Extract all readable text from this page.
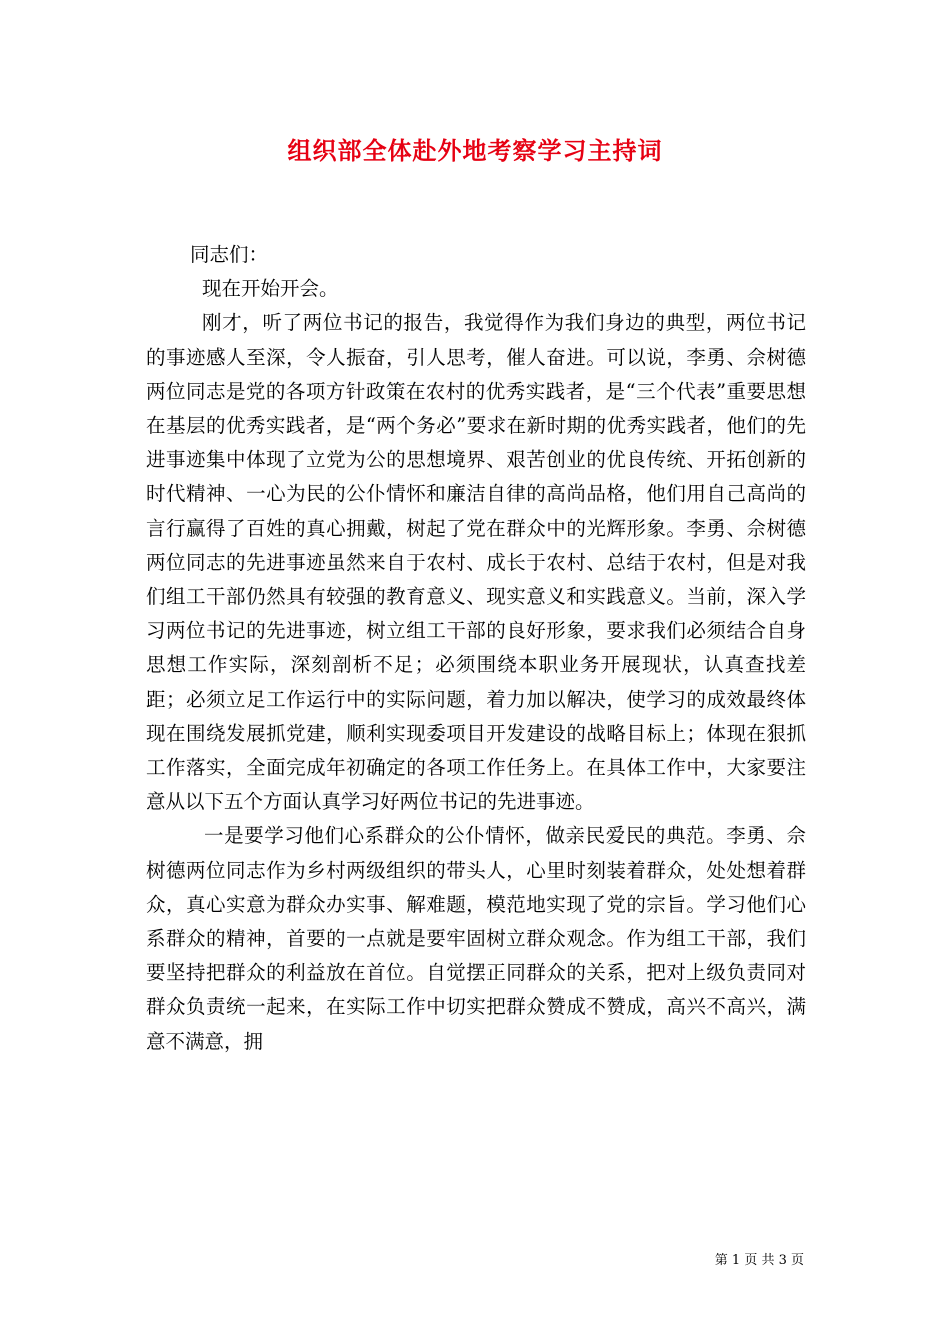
组织部全体赴外地考察学习主持词

同志们：

现在开始开会。

刚才，听了两位书记的报告，我觉得作为我们身边的典型，两位书记的事迹感人至深，令人振奋，引人思考，催人奋进。可以说，李勇、佘树德两位同志是党的各项方针政策在农村的优秀实践者，是“三个代表”重要思想在基层的优秀实践者，是“两个务必”要求在新时期的优秀实践者，他们的先进事迹集中体现了立党为公的思想境界、艰苦创业的优良传统、开拓创新的时代精神、一心为民的公仆情怀和廉洁自律的高尚品格，他们用自己高尚的言行赢得了百姓的真心拥戴，树起了党在群众中的光辉形象。李勇、佘树德两位同志的先进事迹虽然来自于农村、成长于农村、总结于农村，但是对我们组工干部仍然具有较强的教育意义、现实意义和实践意义。当前，深入学习两位书记的先进事迹，树立组工干部的良好形象，要求我们必须结合自身思想工作实际，深刻剖析不足；必须围绕本职业务开展现状，认真查找差距；必须立足工作运行中的实际问题，着力加以解决，使学习的成效最终体现在围绕发展抓党建，顺利实现委项目开发建设的战略目标上；体现在狠抓工作落实，全面完成年初确定的各项工作任务上。在具体工作中，大家要注意从以下五个方面认真学习好两位书记的先进事迹。

一是要学习他们心系群众的公仆情怀，做亲民爱民的典范。李勇、佘树德两位同志作为乡村两级组织的带头人，心里时刻装着群众，处处想着群众，真心实意为群众办实事、解难题，模范地实现了党的宗旨。学习他们心系群众的精神，首要的一点就是要牢固树立群众观念。作为组工干部，我们要坚持把群众的利益放在首位。自觉摆正同群众的关系，把对上级负责同对群众负责统一起来，在实际工作中切实把群众赞成不赞成，高兴不高兴，满意不满意，拥

第 1 页 共 3 页
